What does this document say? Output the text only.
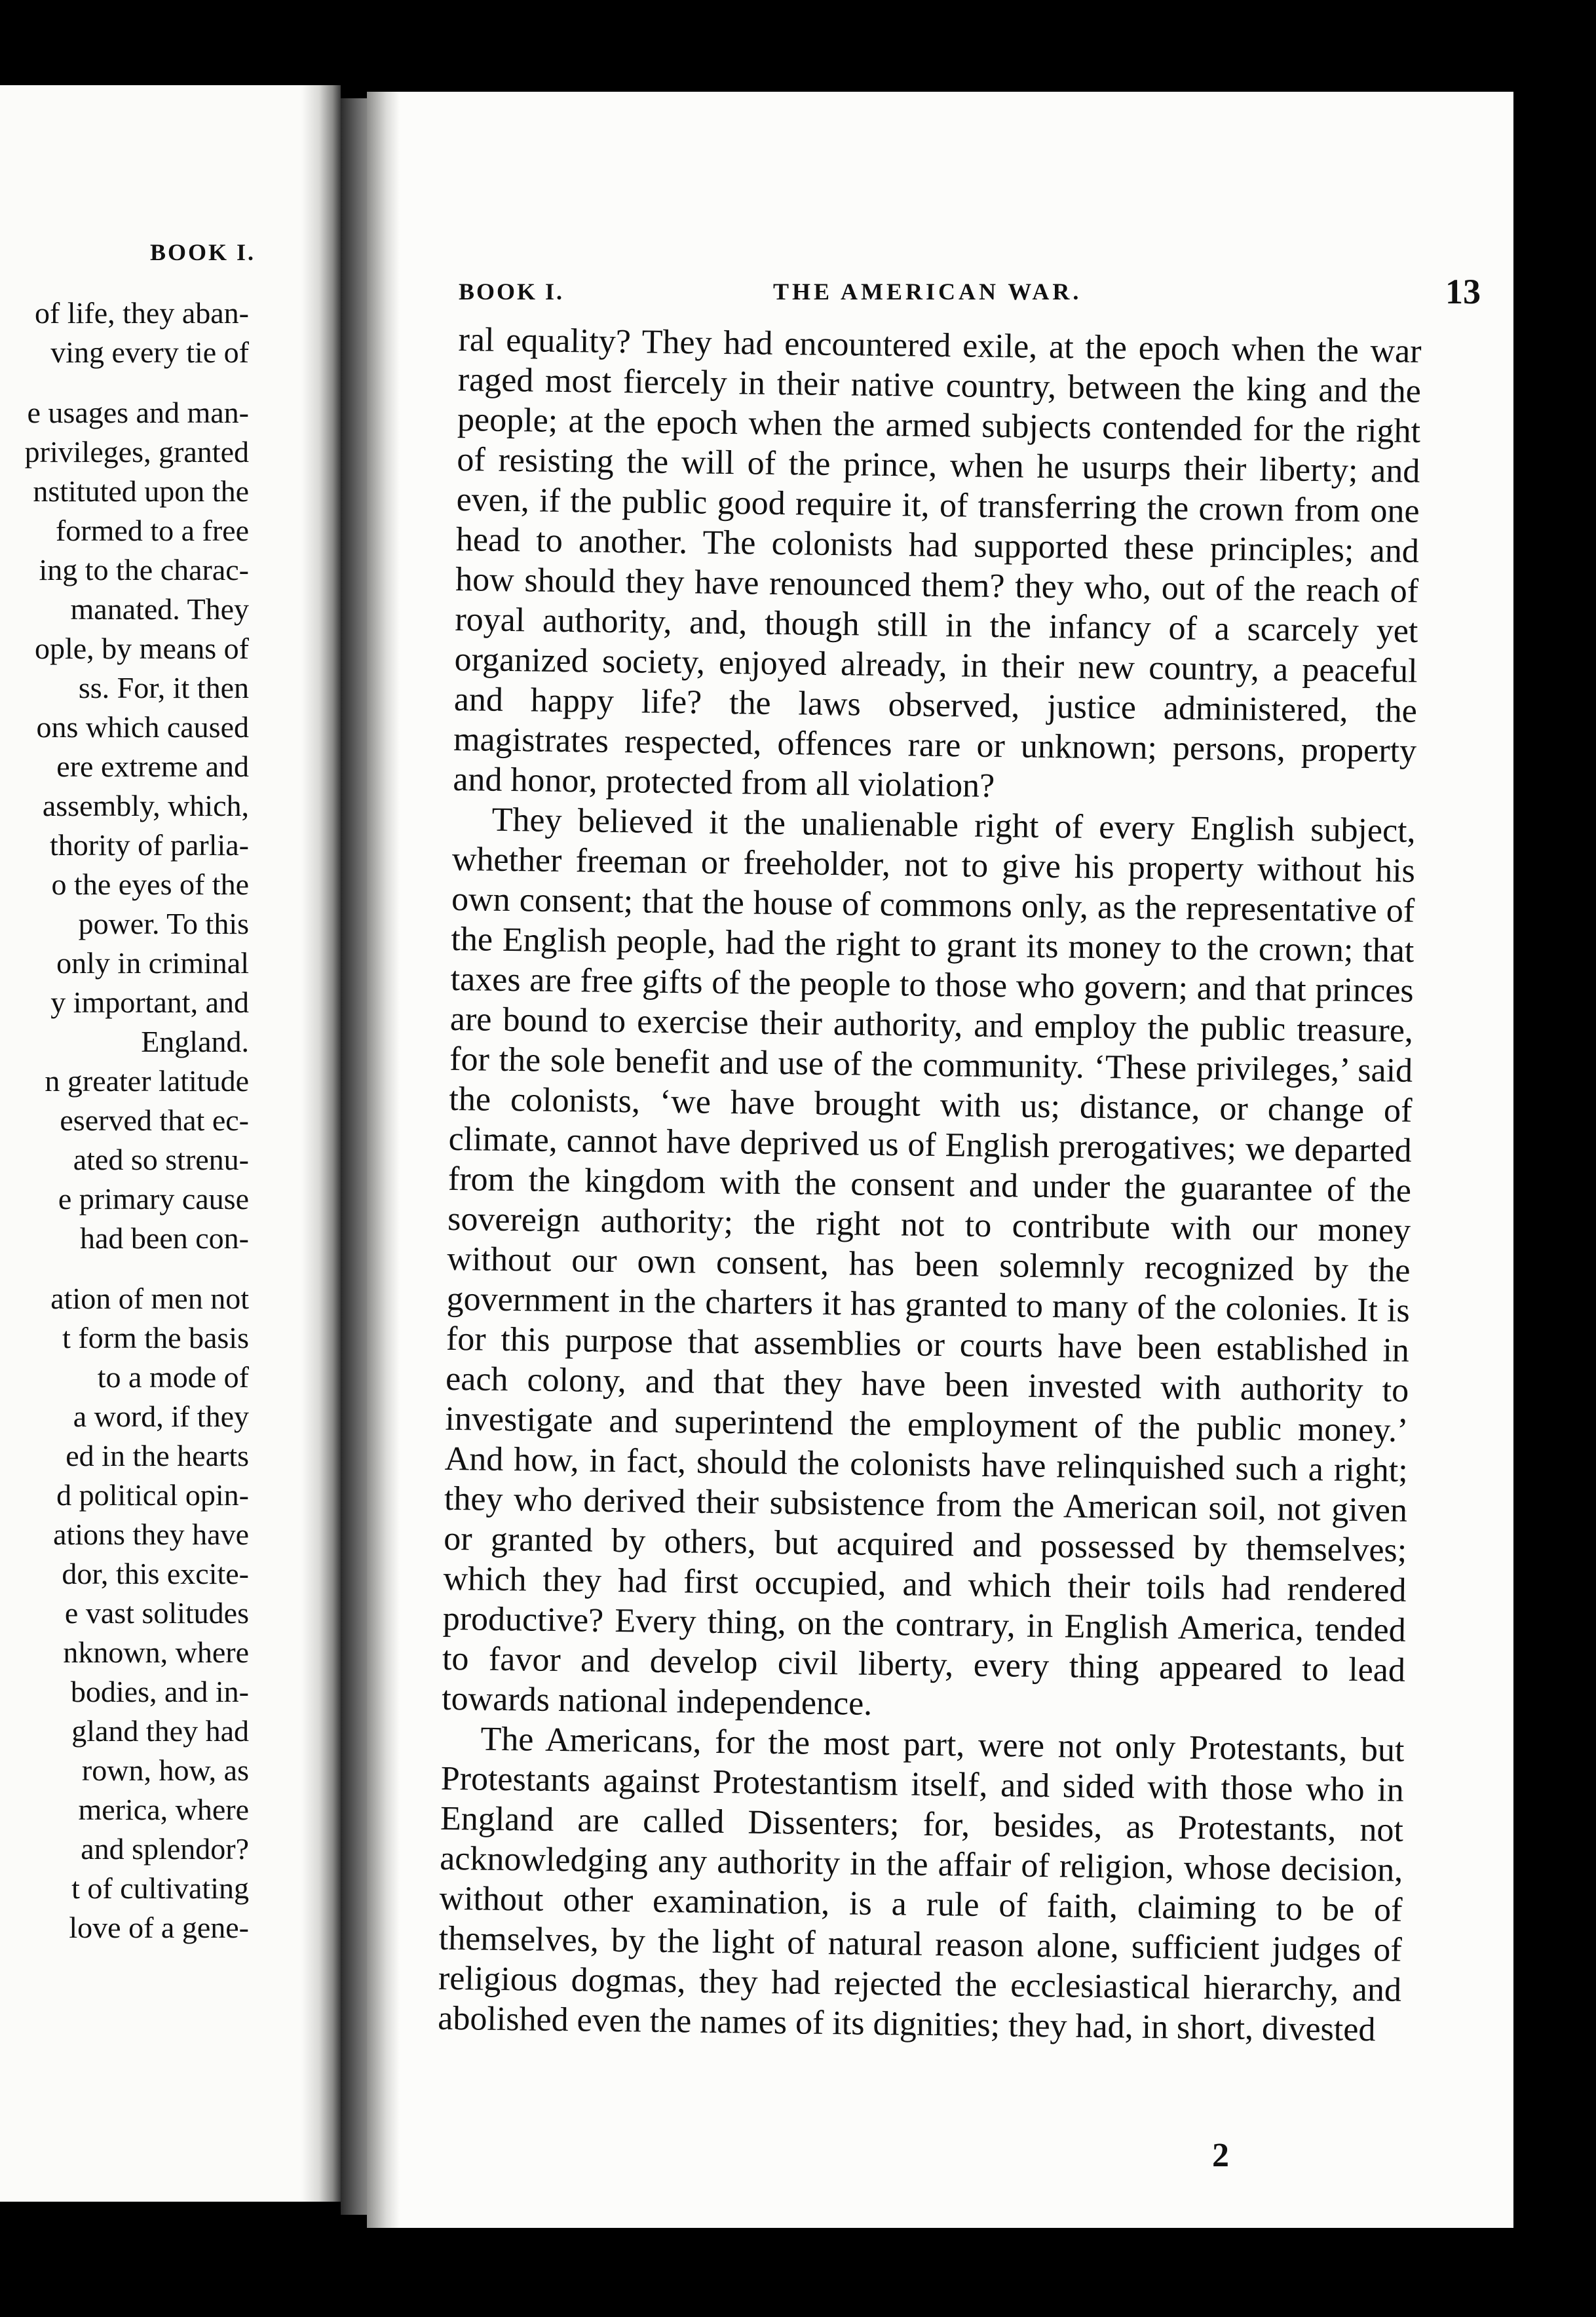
BOOK I.
of life, they aban-
ving every tie of
e usages and man-
privileges, granted
nstituted upon the
formed to a free
ing to the charac-
manated. They
ople, by means of
ss. For, it then
ons which caused
ere extreme and
assembly, which,
thority of parlia-
o the eyes of the
power. To this
only in criminal
y important, and
England.
n greater latitude
eserved that ec-
ated so strenu-
e primary cause
had been con-
ation of men not
t form the basis
to a mode of
a word, if they
ed in the hearts
d political opin-
ations they have
dor, this excite-
e vast solitudes
nknown, where
bodies, and in-
gland they had
rown, how, as
merica, where
and splendor?
t of cultivating
love of a gene-
BOOK I.	THE AMERICAN WAR.	13

ral equality? They had encountered exile, at the epoch when the war raged most fiercely in their native country, between the king and the people; at the epoch when the armed subjects contended for the right of resisting the will of the prince, when he usurps their liberty; and even, if the public good require it, of transferring the crown from one head to another. The colonists had supported these principles; and how should they have renounced them? they who, out of the reach of royal authority, and, though still in the infancy of a scarcely yet organized society, enjoyed already, in their new country, a peaceful and happy life? the laws observed, justice administered, the magistrates respected, offences rare or unknown; persons, property and honor, protected from all violation?

They believed it the unalienable right of every English subject, whether freeman or freeholder, not to give his property without his own consent; that the house of commons only, as the representative of the English people, had the right to grant its money to the crown; that taxes are free gifts of the people to those who govern; and that princes are bound to exercise their authority, and employ the public treasure, for the sole benefit and use of the community. ‘These privileges,’ said the colonists, ‘we have brought with us; distance, or change of climate, cannot have deprived us of English prerogatives; we departed from the kingdom with the consent and under the guarantee of the sovereign authority; the right not to contribute with our money without our own consent, has been solemnly recognized by the government in the charters it has granted to many of the colonies. It is for this purpose that assemblies or courts have been established in each colony, and that they have been invested with authority to investigate and superintend the employment of the public money.’ And how, in fact, should the colonists have relinquished such a right; they who derived their subsistence from the American soil, not given or granted by others, but acquired and possessed by themselves; which they had first occupied, and which their toils had rendered productive? Every thing, on the contrary, in English America, tended to favor and develop civil liberty, every thing appeared to lead towards national independence.

The Americans, for the most part, were not only Protestants, but Protestants against Protestantism itself, and sided with those who in England are called Dissenters; for, besides, as Protestants, not acknowledging any authority in the affair of religion, whose decision, without other examination, is a rule of faith, claiming to be of themselves, by the light of natural reason alone, sufficient judges of religious dogmas, they had rejected the ecclesiastical hierarchy, and abolished even the names of its dignities; they had, in short, divested

2
